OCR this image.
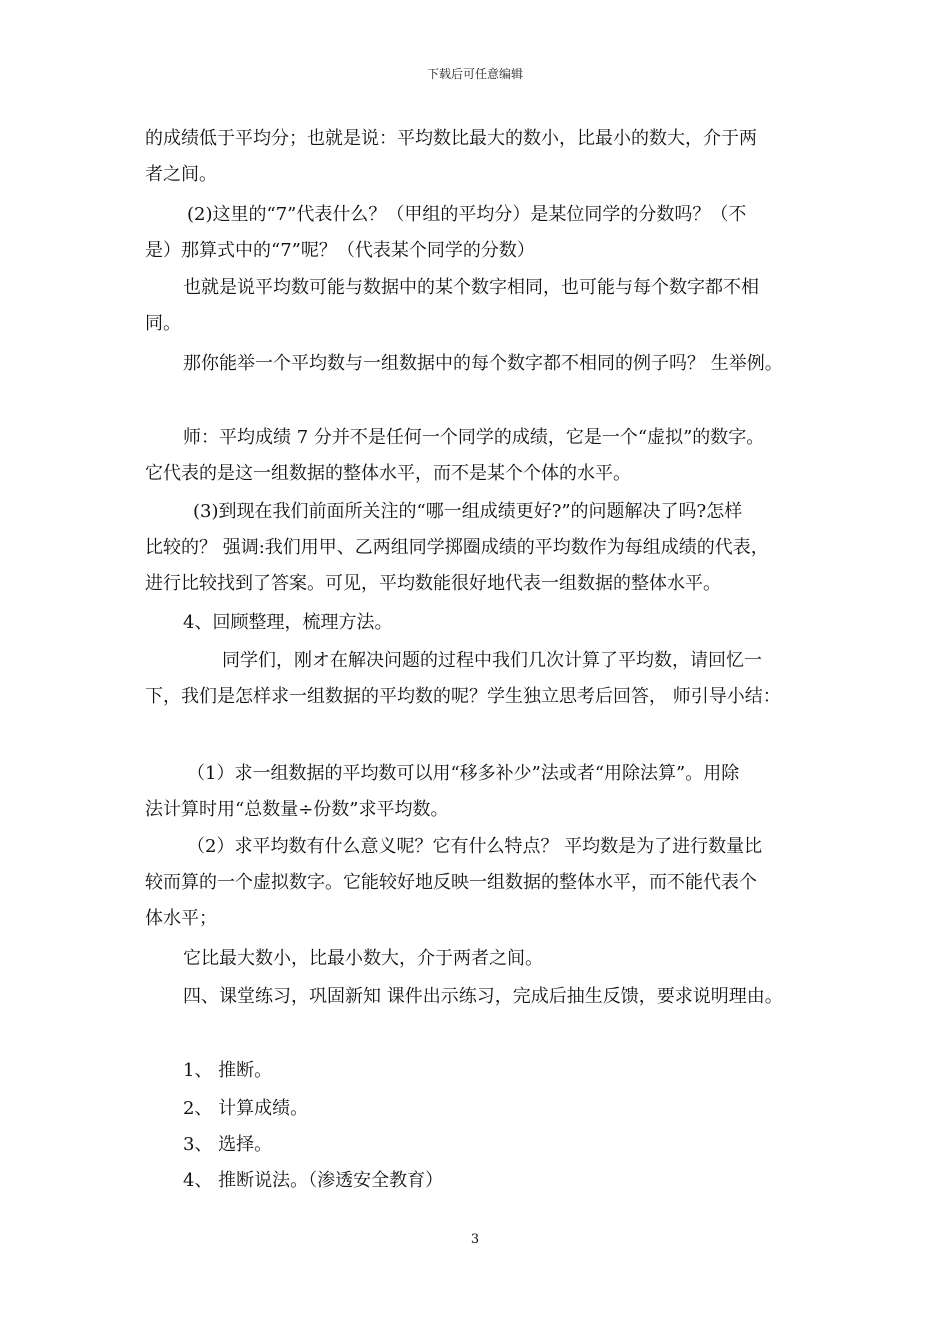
下载后可任意编辑
的成绩低于平均分；也就是说：平均数比最大的数小，比最小的数大，介于两
者之间。
(2)这里的“7”代表什么？（甲组的平均分）是某位同学的分数吗？（不
是）那算式中的“7”呢？（代表某个同学的分数）
也就是说平均数可能与数据中的某个数字相同，也可能与每个数字都不相
同。
那你能举一个平均数与一组数据中的每个数字都不相同的例子吗？ 生举例。
师：平均成绩 7 分并不是任何一个同学的成绩，它是一个“虚拟”的数字。
它代表的是这一组数据的整体水平，而不是某个个体的水平。
(3)到现在我们前面所关注的“哪一组成绩更好?”的问题解决了吗?怎样
比较的？ 强调:我们用甲、乙两组同学掷圈成绩的平均数作为每组成绩的代表，
进行比较找到了答案。可见，平均数能很好地代表一组数据的整体水平。
4、回顾整理，梳理方法。
同学们，刚オ在解决问题的过程中我们几次计算了平均数，请回忆一
下，我们是怎样求一组数据的平均数的呢？学生独立思考后回答， 师引导小结：
（1）求一组数据的平均数可以用“移多补少”法或者“用除法算”。用除
法计算时用“总数量÷份数”求平均数。
（2）求平均数有什么意义呢？它有什么特点？ 平均数是为了进行数量比
较而算的一个虚拟数字。它能较好地反映一组数据的整体水平，而不能代表个
体水平；
它比最大数小，比最小数大，介于两者之间。
四、课堂练习，巩固新知 课件出示练习，完成后抽生反馈，要求说明理由。
1、 推断。
2、 计算成绩。
3、 选择。
4、 推断说法。（渗透安全教育）
3
